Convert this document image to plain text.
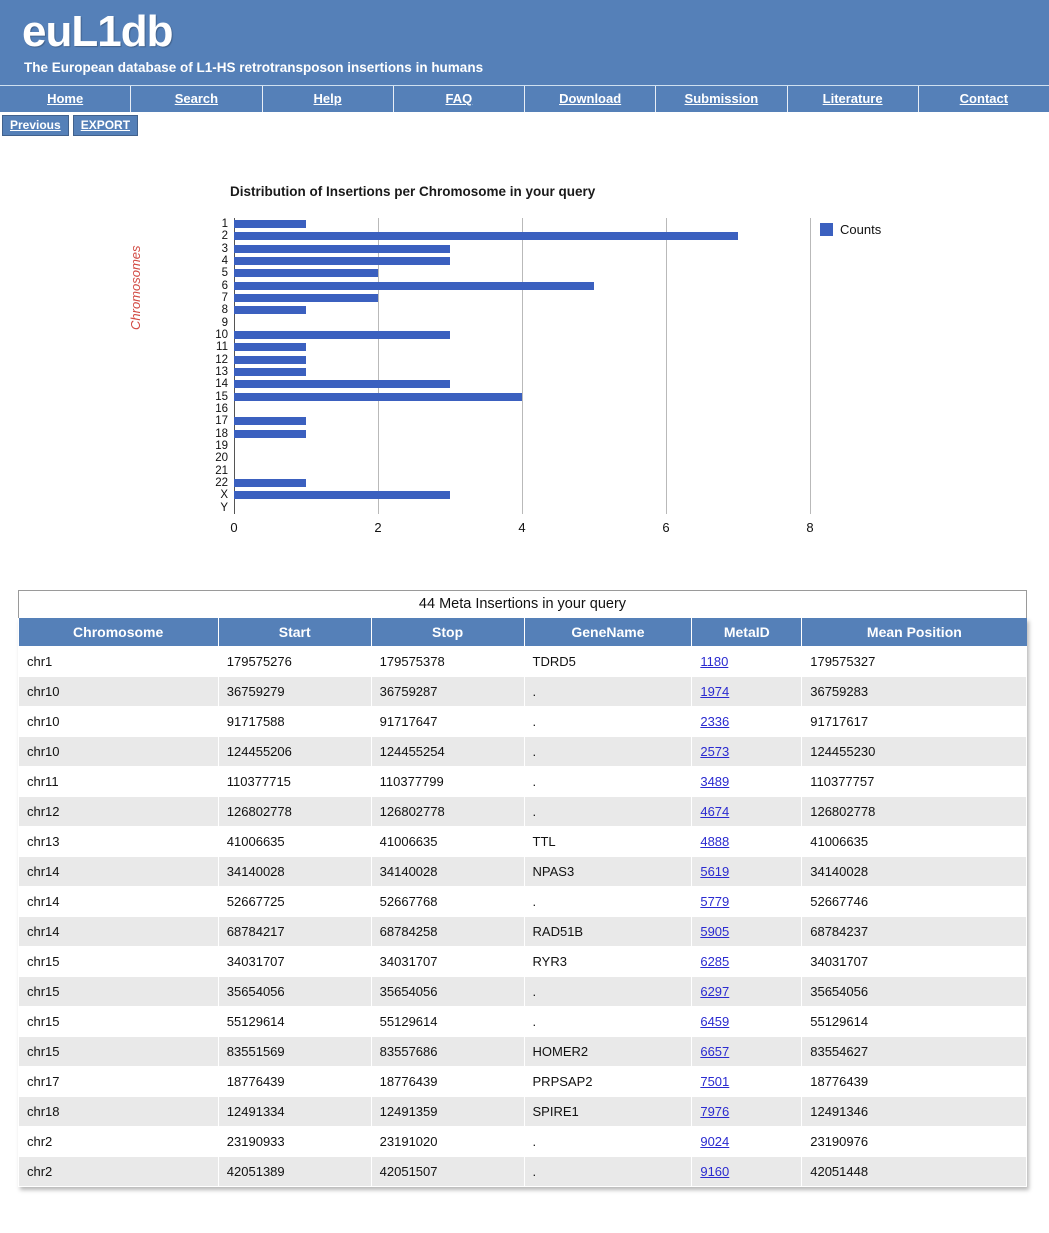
euL1db
The European database of L1-HS retrotransposon insertions in humans
Home	Search	Help	FAQ	Download	Submission	Literature	Contact
Previous	EXPORT
Distribution of Insertions per Chromosome in your query
Chromosomes
1
2
3
4
5
6
7
8
9
10
11
12
13
14
15
16
17
18
19
20
21
22
X
Y
0	2	4	6	8
Counts
44 Meta Insertions in your query
Chromosome	Start	Stop	GeneName	MetaID	Mean Position
chr1	179575276	179575378	TDRD5	1180	179575327
chr10	36759279	36759287	.	1974	36759283
chr10	91717588	91717647	.	2336	91717617
chr10	124455206	124455254	.	2573	124455230
chr11	110377715	110377799	.	3489	110377757
chr12	126802778	126802778	.	4674	126802778
chr13	41006635	41006635	TTL	4888	41006635
chr14	34140028	34140028	NPAS3	5619	34140028
chr14	52667725	52667768	.	5779	52667746
chr14	68784217	68784258	RAD51B	5905	68784237
chr15	34031707	34031707	RYR3	6285	34031707
chr15	35654056	35654056	.	6297	35654056
chr15	55129614	55129614	.	6459	55129614
chr15	83551569	83557686	HOMER2	6657	83554627
chr17	18776439	18776439	PRPSAP2	7501	18776439
chr18	12491334	12491359	SPIRE1	7976	12491346
chr2	23190933	23191020	.	9024	23190976
chr2	42051389	42051507	.	9160	42051448
